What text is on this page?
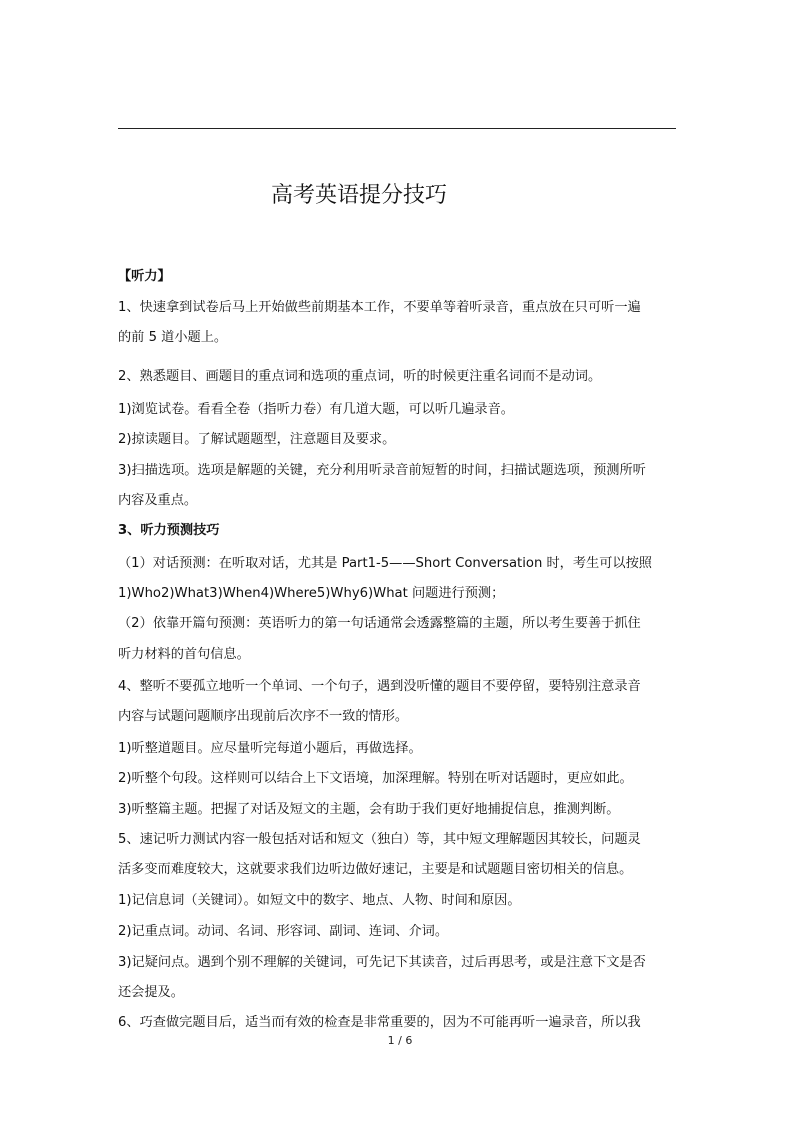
高考英语提分技巧
【听力】
1、快速拿到试卷后马上开始做些前期基本工作，不要单等着听录音，重点放在只可听一遍
的前 5 道小题上。
2、熟悉题目、画题目的重点词和选项的重点词，听的时候更注重名词而不是动词。
1)浏览试卷。看看全卷（指听力卷）有几道大题，可以听几遍录音。
2)掠读题目。了解试题题型，注意题目及要求。
3)扫描选项。选项是解题的关键，充分利用听录音前短暂的时间，扫描试题选项，预测所听
内容及重点。
3、听力预测技巧
（1）对话预测：在听取对话，尤其是 Part1-5——Short Conversation 时，考生可以按照
1)Who2)What3)When4)Where5)Why6)What 问题进行预测；
（2）依靠开篇句预测：英语听力的第一句话通常会透露整篇的主题，所以考生要善于抓住
听力材料的首句信息。
4、整听不要孤立地听一个单词、一个句子，遇到没听懂的题目不要停留，要特别注意录音
内容与试题问题顺序出现前后次序不一致的情形。
1)听整道题目。应尽量听完每道小题后，再做选择。
2)听整个句段。这样则可以结合上下文语境，加深理解。特别在听对话题时，更应如此。
3)听整篇主题。把握了对话及短文的主题，会有助于我们更好地捕捉信息，推测判断。
5、速记听力测试内容一般包括对话和短文（独白）等，其中短文理解题因其较长，问题灵
活多变而难度较大，这就要求我们边听边做好速记，主要是和试题题目密切相关的信息。
1)记信息词（关键词）。如短文中的数字、地点、人物、时间和原因。
2)记重点词。动词、名词、形容词、副词、连词、介词。
3)记疑问点。遇到个别不理解的关键词，可先记下其读音，过后再思考，或是注意下文是否
还会提及。
6、巧查做完题目后，适当而有效的检查是非常重要的，因为不可能再听一遍录音，所以我
1 / 6
